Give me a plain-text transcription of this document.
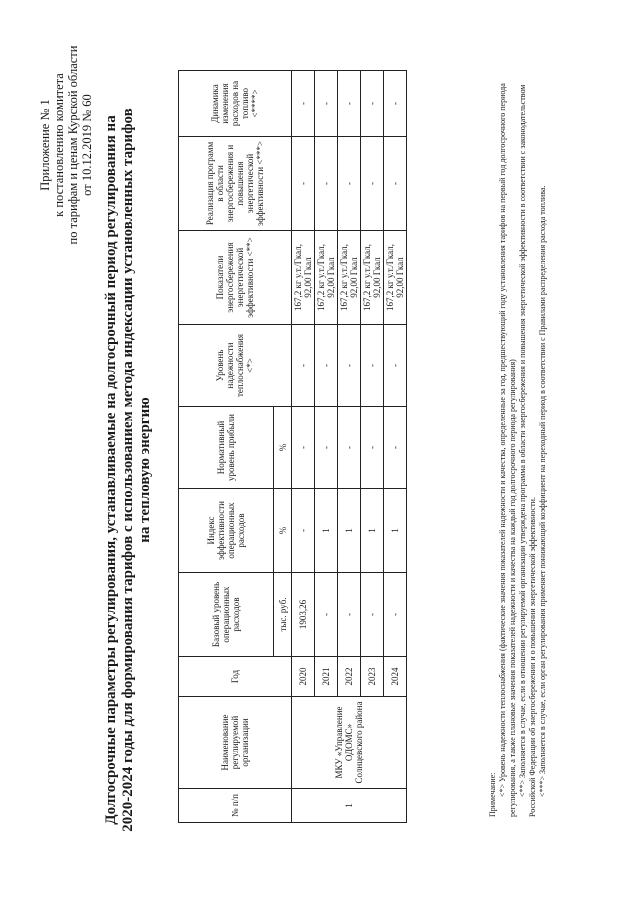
Приложение № 1 к постановлению комитета по тарифам и ценам Курской области от 10.12.2019 № 60 Долгосрочные параметры регулирования, устанавливаемые на долгосрочный период регулирования на 2020-2024 годы для формирования тарифов с использованием метода индексации установленных тарифов на тепловую энергию
№ п/п	Наименование регулируемой организации	Год	Базовый уровень операционных расходов	Индекс эффективности операционных расходов	Нормативный уровень прибыли	Уровень надежности теплоснабжения <*>	Показатели энергосбережения энергетической эффективности <**>	Реализация программ в области энергосбережения и повышения энергетической эффективности <***>	Динамика изменения расходов на топливо <****>
			тыс. руб.	%	%				
1	МКУ «Управление ОДОМС» Солнцевского района	2020	1903,26	-	-	-	167,2 кг у.т./Гкал, 92,00 Гкал	-	-
		2021	-	1	-	-	167,2 кг у.т./Гкал, 92,00 Гкал	-	-
		2022	-	1	-	-	167,2 кг у.т./Гкал, 92,00 Гкал	-	-
		2023	-	1	-	-	167,2 кг у.т./Гкал, 92,00 Гкал	-	-
		2024	-	1	-	-	167,2 кг у.т./Гкал, 92,00 Гкал	-	-
Примечание: <*> Уровень надежности теплоснабжения (фактические значения показателей надежности и качества, определенные за год, предшествующий году установления тарифов на первый год долгосрочного периода регулирования, а также плановые значения показателей надежности и качества на каждый год долгосрочного периода регулирования) <**> Заполняется в случае, если в отношении регулируемой организации утверждена программа в области энергосбережения и повышения энергетической эффективности в соответствии с законодательством Российской Федерации об энергосбережении и о повышении энергетической эффективности. <***> Заполняется в случае, если орган регулирования применяет понижающий коэффициент на переходный период в соответствии с Правилами распределения расхода топлива.
